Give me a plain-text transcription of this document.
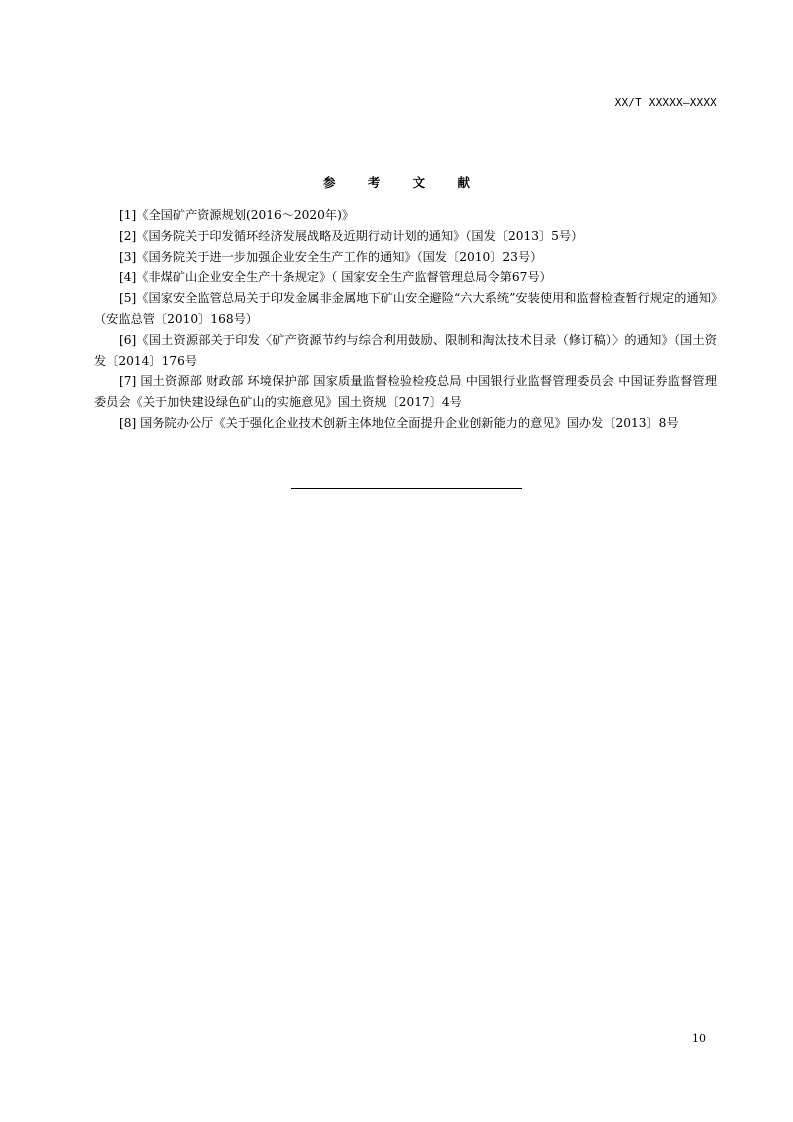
XX/T XXXXX—XXXX
参 考 文 献
[1]《全国矿产资源规划(2016～2020年)》
[2]《国务院关于印发循环经济发展战略及近期行动计划的通知》（国发〔2013〕5号）
[3]《国务院关于进一步加强企业安全生产工作的通知》（国发〔2010〕23号）
[4]《非煤矿山企业安全生产十条规定》（ 国家安全生产监督管理总局令第67号）
[5]《国家安全监管总局关于印发金属非金属地下矿山安全避险“六大系统”安装使用和监督检查暂行规定的通知》（安监总管〔2010〕168号）
[6]《国土资源部关于印发〈矿产资源节约与综合利用鼓励、限制和淘汰技术目录（修订稿）〉的通知》（国土资发〔2014〕176号
[7] 国土资源部 财政部 环境保护部 国家质量监督检验检疫总局 中国银行业监督管理委员会 中国证券监督管理委员会《关于加快建设绿色矿山的实施意见》国土资规〔2017〕4号
[8] 国务院办公厅《关于强化企业技术创新主体地位全面提升企业创新能力的意见》国办发〔2013〕8号
10
